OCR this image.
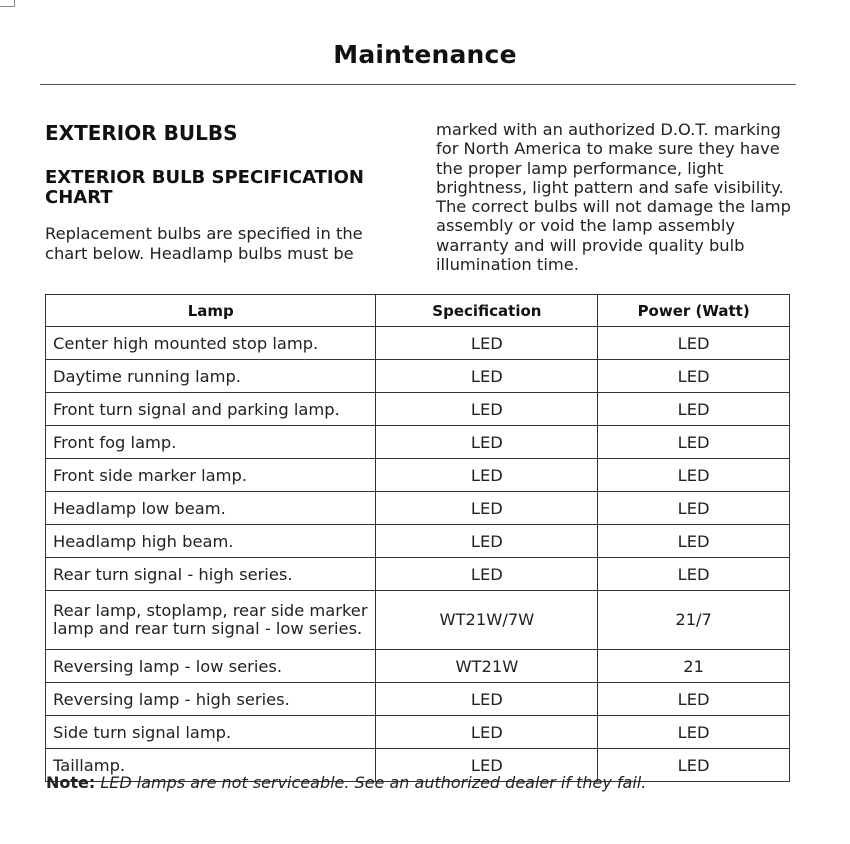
Maintenance
EXTERIOR BULBS
EXTERIOR BULB SPECIFICATION CHART

Replacement bulbs are specified in the chart below. Headlamp bulbs must be

marked with an authorized D.O.T. marking for North America to make sure they have the proper lamp performance, light brightness, light pattern and safe visibility. The correct bulbs will not damage the lamp assembly or void the lamp assembly warranty and will provide quality bulb illumination time.
Lamp	Specification	Power (Watt)
Center high mounted stop lamp.	LED	LED
Daytime running lamp.	LED	LED
Front turn signal and parking lamp.	LED	LED
Front fog lamp.	LED	LED
Front side marker lamp.	LED	LED
Headlamp low beam.	LED	LED
Headlamp high beam.	LED	LED
Rear turn signal - high series.	LED	LED
Rear lamp, stoplamp, rear side marker lamp and rear turn signal - low series.	WT21W/7W	21/7
Reversing lamp - low series.	WT21W	21
Reversing lamp - high series.	LED	LED
Side turn signal lamp.	LED	LED
Taillamp.	LED	LED
Note: LED lamps are not serviceable. See an authorized dealer if they fail.
